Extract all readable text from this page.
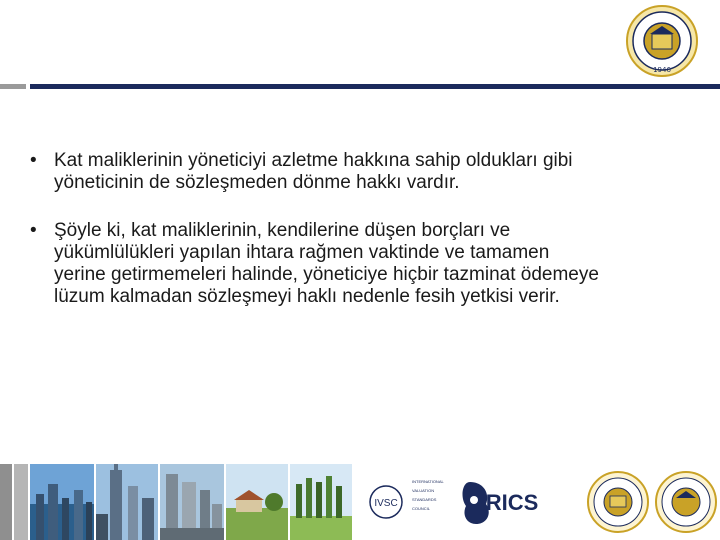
1946
• Kat maliklerinin yöneticiyi azletme hakkına sahip oldukları gibi
yöneticinin de sözleşmeden dönme hakkı vardır.
• Şöyle ki, kat maliklerinin, kendilerine düşen borçları ve
yükümlülükleri yapılan ihtara rağmen vaktinde ve tamamen
yerine getirmemeleri halinde, yöneticiye hiçbir tazminat ödemeye
lüzum kalmadan sözleşmeyi haklı nedenle fesih yetkisi verir.
IVSC
INTERNATIONAL
VALUATION
STANDARDS
COUNCIL	RICS
